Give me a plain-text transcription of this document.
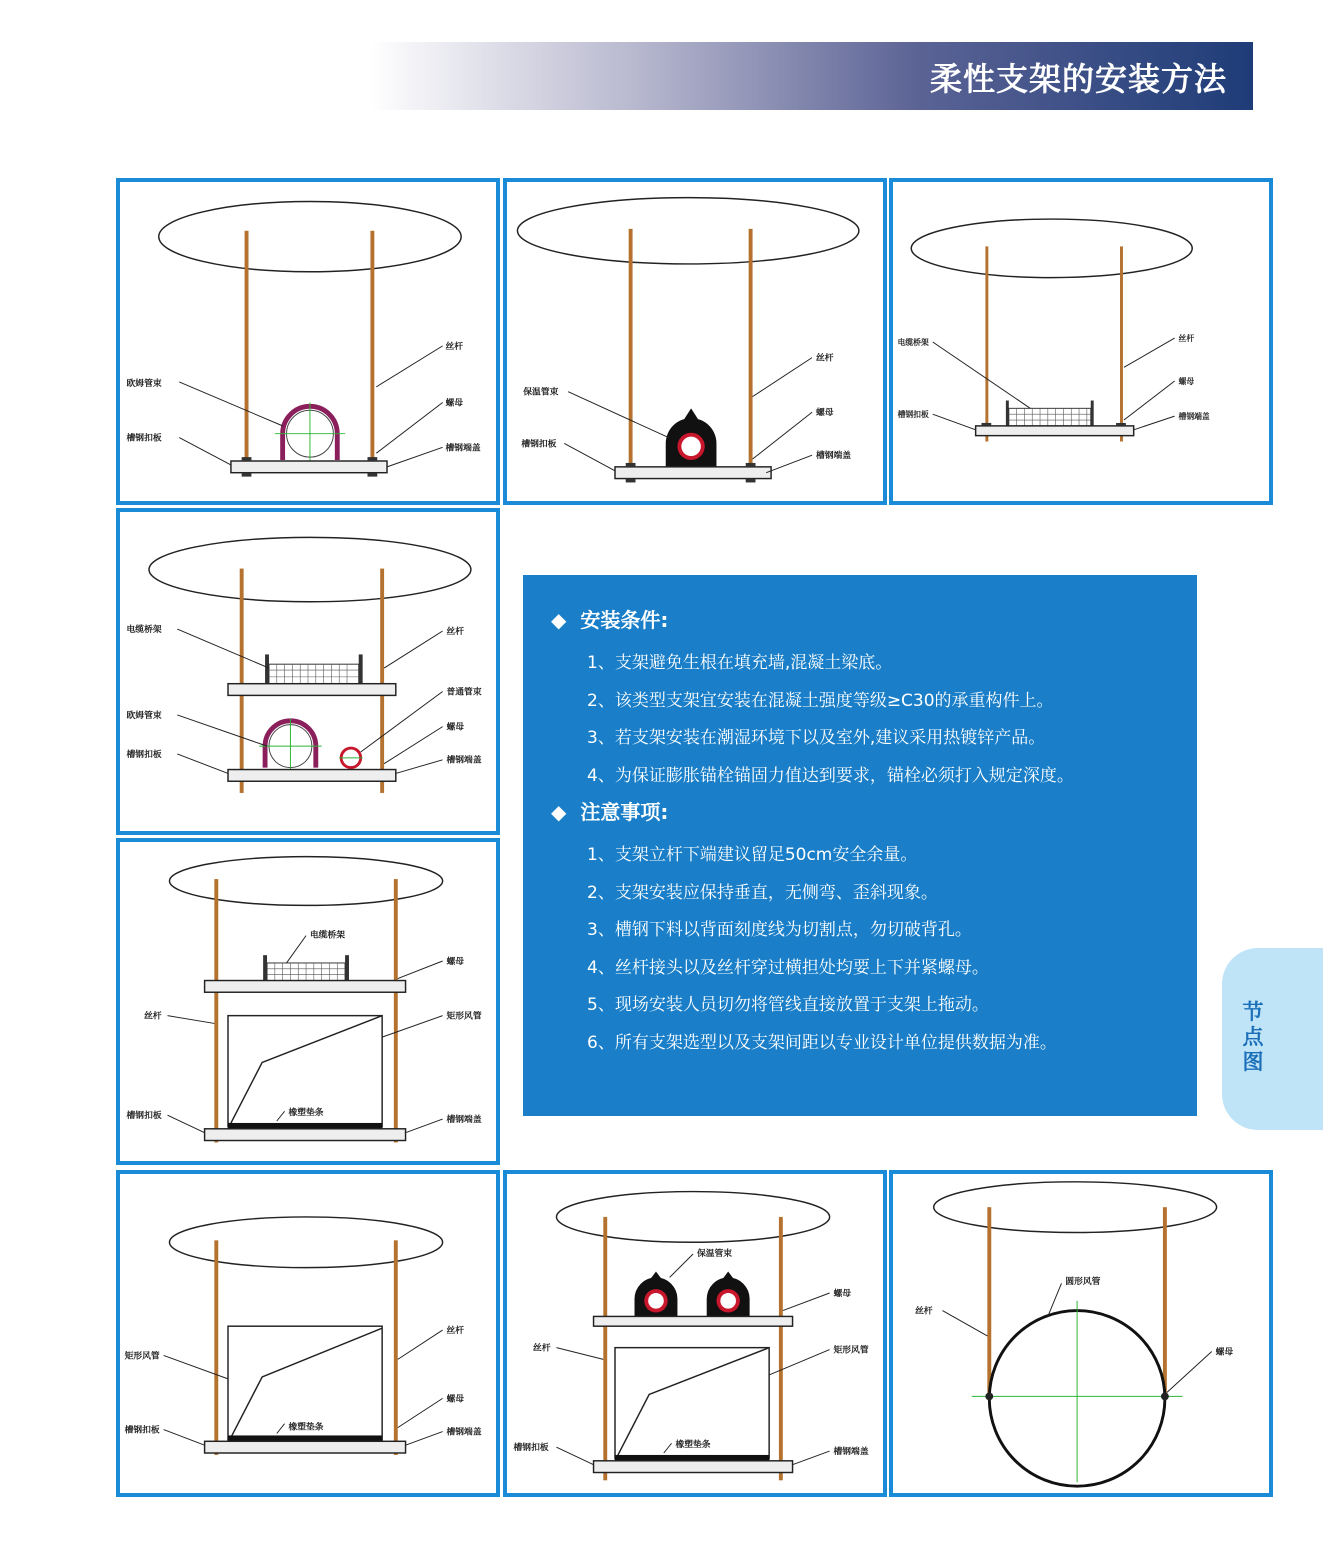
柔性支架的安装方法
丝杆
螺母
槽钢端盖
欧姆管束
槽钢扣板
丝杆
螺母
槽钢端盖
保温管束
槽钢扣板
丝杆
螺母
槽钢端盖
电缆桥架
槽钢扣板
丝杆
普通管束
螺母
槽钢端盖
电缆桥架
欧姆管束
槽钢扣板
电缆桥架
螺母
矩形风管
槽钢端盖
丝杆
槽钢扣板	橡塑垫条
◆ 安装条件:
1、支架避免生根在填充墙,混凝土梁底。
2、该类型支架宜安装在混凝土强度等级≥C30的承重构件上。
3、若支架安装在潮湿环境下以及室外,建议采用热镀锌产品。
4、为保证膨胀锚栓锚固力值达到要求，锚栓必须打入规定深度。
◆ 注意事项:
1、支架立杆下端建议留足50cm安全余量。
2、支架安装应保持垂直，无侧弯、歪斜现象。
3、槽钢下料以背面刻度线为切割点，勿切破背孔。
4、丝杆接头以及丝杆穿过横担处均要上下并紧螺母。
5、现场安装人员切勿将管线直接放置于支架上拖动。
6、所有支架选型以及支架间距以专业设计单位提供数据为准。
节点图
丝杆
螺母
槽钢端盖
矩形风管
槽钢扣板	橡塑垫条
保温管束
螺母
矩形风管
槽钢端盖
丝杆
槽钢扣板	橡塑垫条
圆形风管
丝杆
螺母
